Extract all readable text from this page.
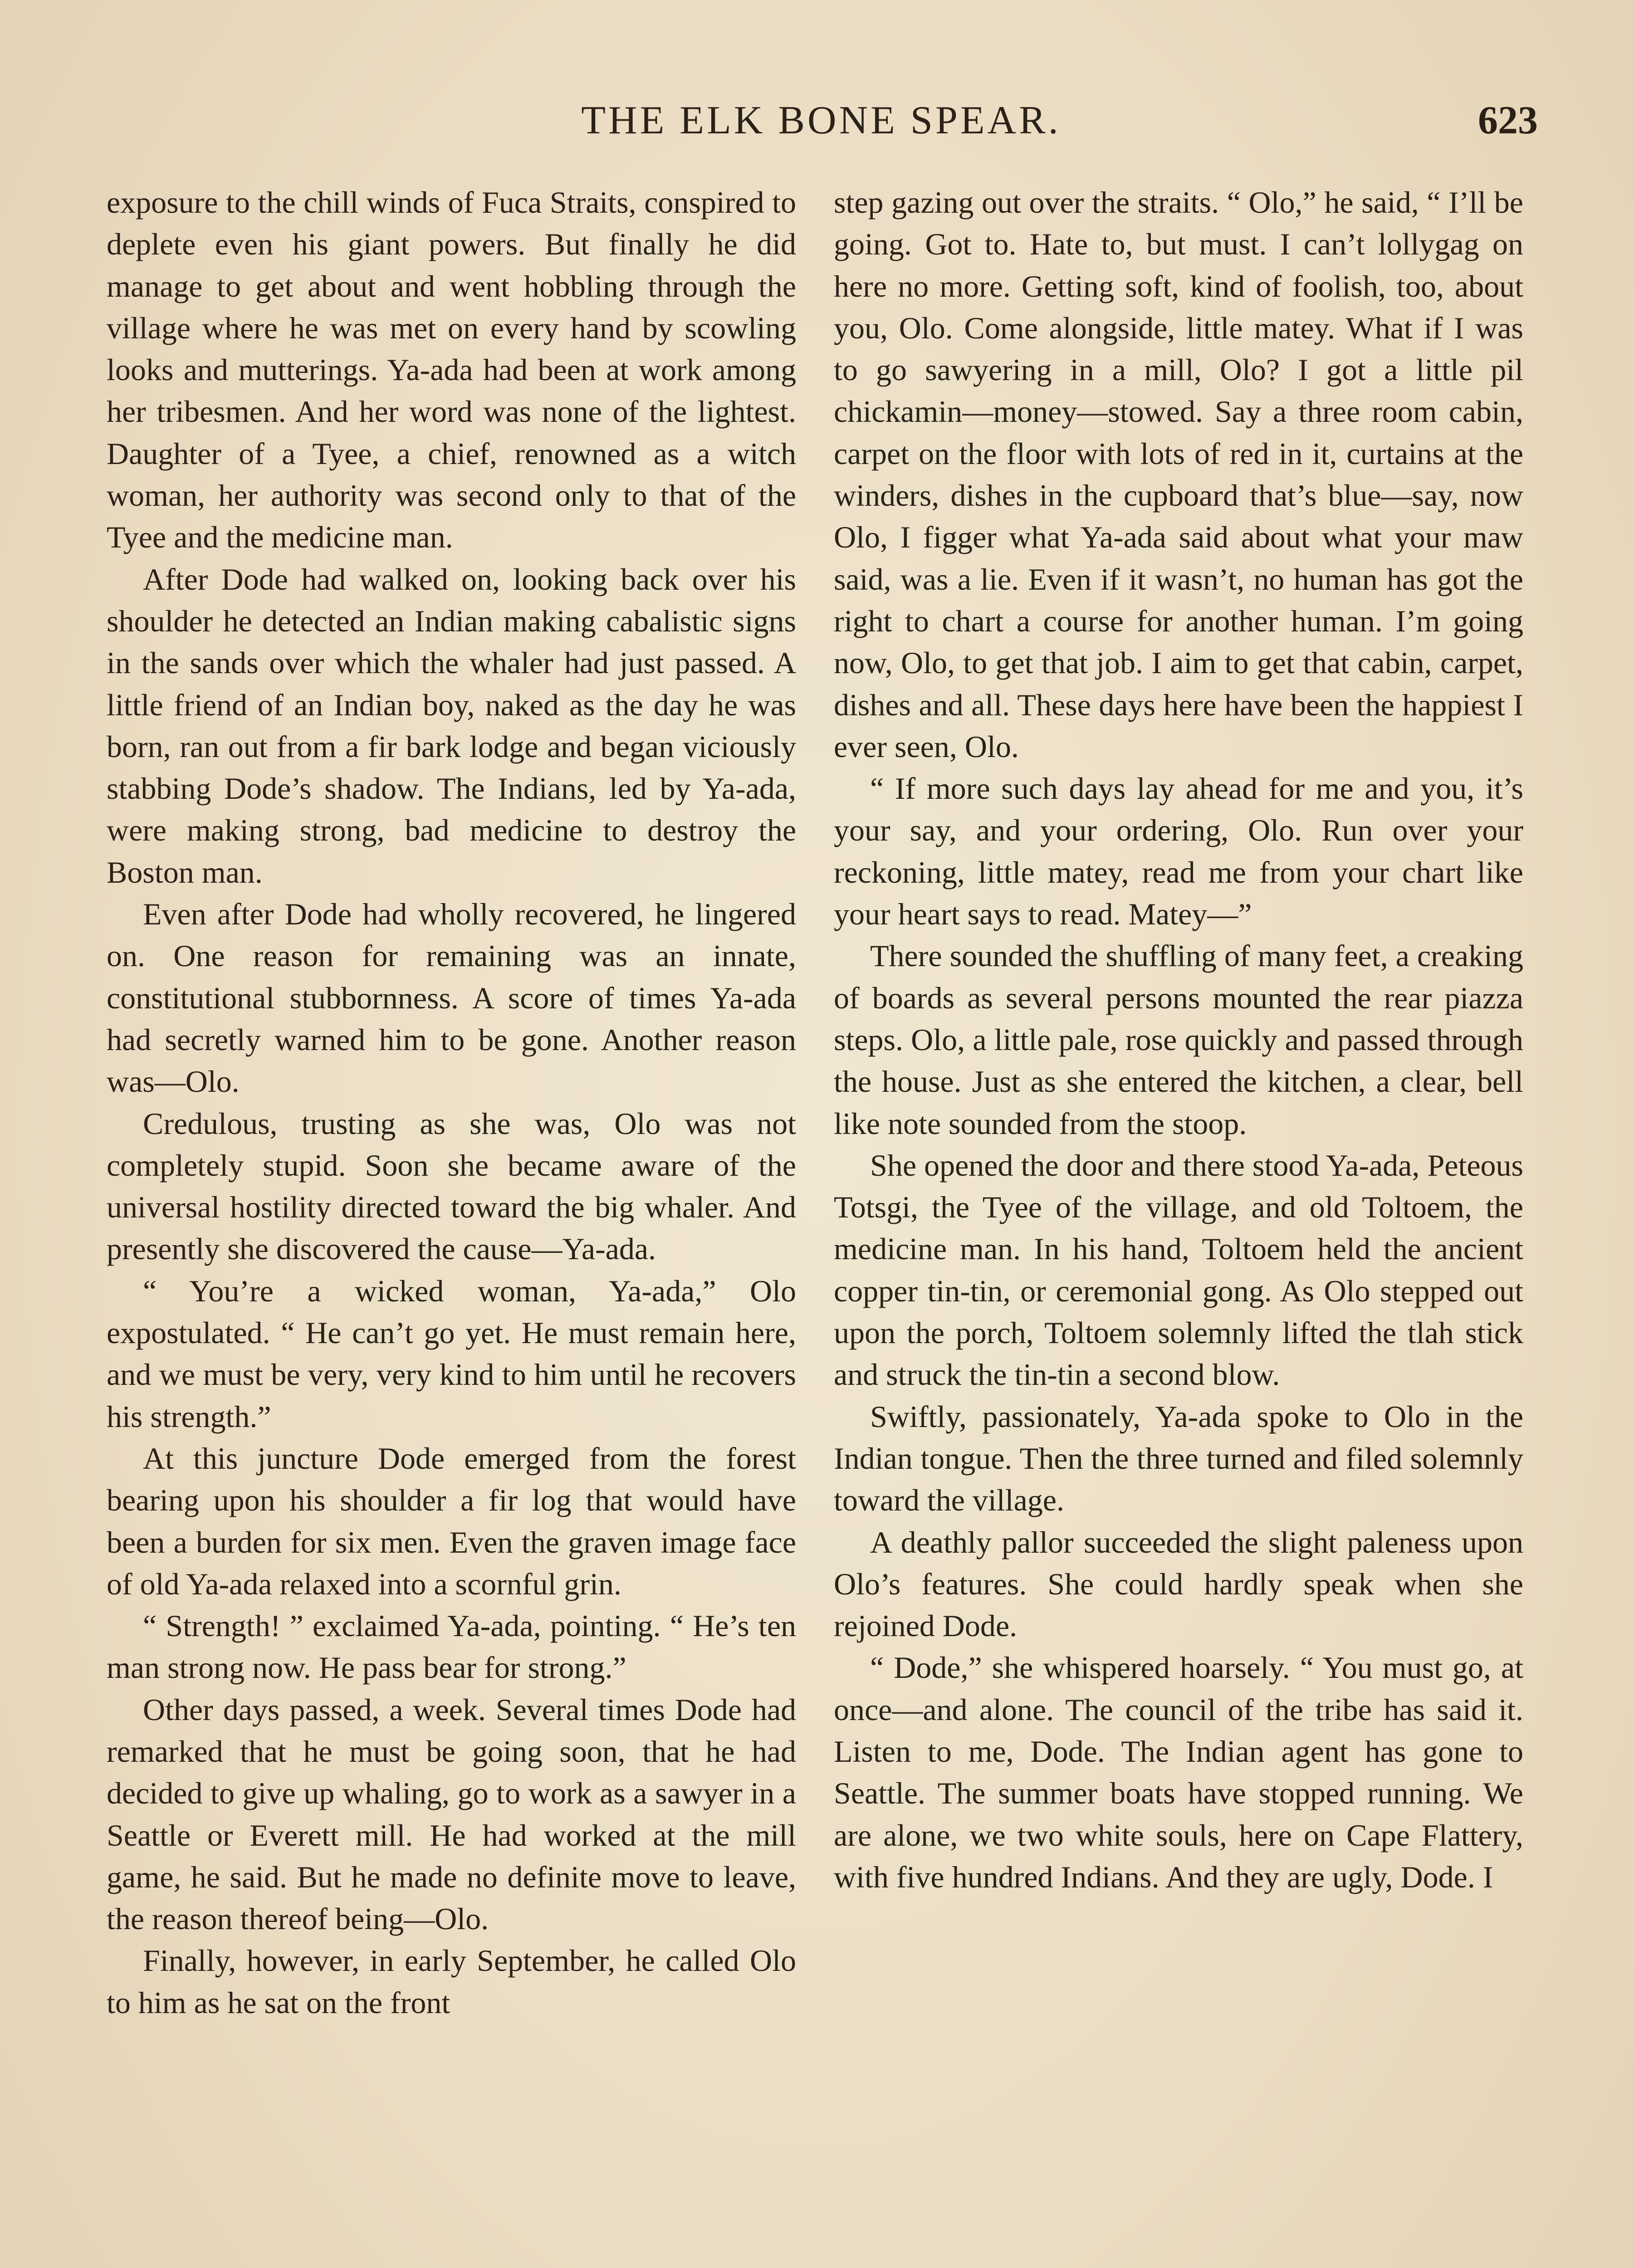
THE ELK BONE SPEAR.	623

exposure to the chill winds of Fuca Straits, conspired to deplete even his giant powers. But finally he did manage to get about and went hobbling through the village where he was met on every hand by scowling looks and mutterings. Ya-ada had been at work among her tribesmen. And her word was none of the lightest. Daughter of a Tyee, a chief, renowned as a witch woman, her authority was second only to that of the Tyee and the medicine man.

After Dode had walked on, looking back over his shoulder he detected an Indian making cabalistic signs in the sands over which the whaler had just passed. A little friend of an Indian boy, naked as the day he was born, ran out from a fir bark lodge and began viciously stabbing Dode’s shadow. The Indians, led by Ya-ada, were making strong, bad medicine to destroy the Boston man.

Even after Dode had wholly recovered, he lingered on. One reason for remaining was an innate, constitutional stubbornness. A score of times Ya-ada had secretly warned him to be gone. Another reason was—Olo.

Credulous, trusting as she was, Olo was not completely stupid. Soon she became aware of the universal hostility directed toward the big whaler. And presently she discovered the cause—Ya-ada.

“ You’re a wicked woman, Ya-ada,” Olo expostulated. “ He can’t go yet. He must remain here, and we must be very, very kind to him until he recovers his strength.”

At this juncture Dode emerged from the forest bearing upon his shoulder a fir log that would have been a burden for six men. Even the graven image face of old Ya-ada relaxed into a scornful grin.

“ Strength! ” exclaimed Ya-ada, pointing. “ He’s ten man strong now. He pass bear for strong.”

Other days passed, a week. Several times Dode had remarked that he must be going soon, that he had decided to give up whaling, go to work as a sawyer in a Seattle or Everett mill. He had worked at the mill game, he said. But he made no definite move to leave, the reason thereof being—Olo.

Finally, however, in early September, he called Olo to him as he sat on the front

step gazing out over the straits. “ Olo,” he said, “ I’ll be going. Got to. Hate to, but must. I can’t lollygag on here no more. Getting soft, kind of foolish, too, about you, Olo. Come alongside, little matey. What if I was to go sawyering in a mill, Olo? I got a little pil chickamin—money—stowed. Say a three room cabin, carpet on the floor with lots of red in it, curtains at the winders, dishes in the cupboard that’s blue—say, now Olo, I figger what Ya-ada said about what your maw said, was a lie. Even if it wasn’t, no human has got the right to chart a course for another human. I’m going now, Olo, to get that job. I aim to get that cabin, carpet, dishes and all. These days here have been the happiest I ever seen, Olo.

“ If more such days lay ahead for me and you, it’s your say, and your ordering, Olo. Run over your reckoning, little matey, read me from your chart like your heart says to read. Matey—”

There sounded the shuffling of many feet, a creaking of boards as several persons mounted the rear piazza steps. Olo, a little pale, rose quickly and passed through the house. Just as she entered the kitchen, a clear, bell like note sounded from the stoop.

She opened the door and there stood Ya-ada, Peteous Totsgi, the Tyee of the village, and old Toltoem, the medicine man. In his hand, Toltoem held the ancient copper tin-tin, or ceremonial gong. As Olo stepped out upon the porch, Toltoem solemnly lifted the tlah stick and struck the tin-tin a second blow.

Swiftly, passionately, Ya-ada spoke to Olo in the Indian tongue. Then the three turned and filed solemnly toward the village.

A deathly pallor succeeded the slight paleness upon Olo’s features. She could hardly speak when she rejoined Dode.

“ Dode,” she whispered hoarsely. “ You must go, at once—and alone. The council of the tribe has said it. Listen to me, Dode. The Indian agent has gone to Seattle. The summer boats have stopped running. We are alone, we two white souls, here on Cape Flattery, with five hundred Indians. And they are ugly, Dode. I
